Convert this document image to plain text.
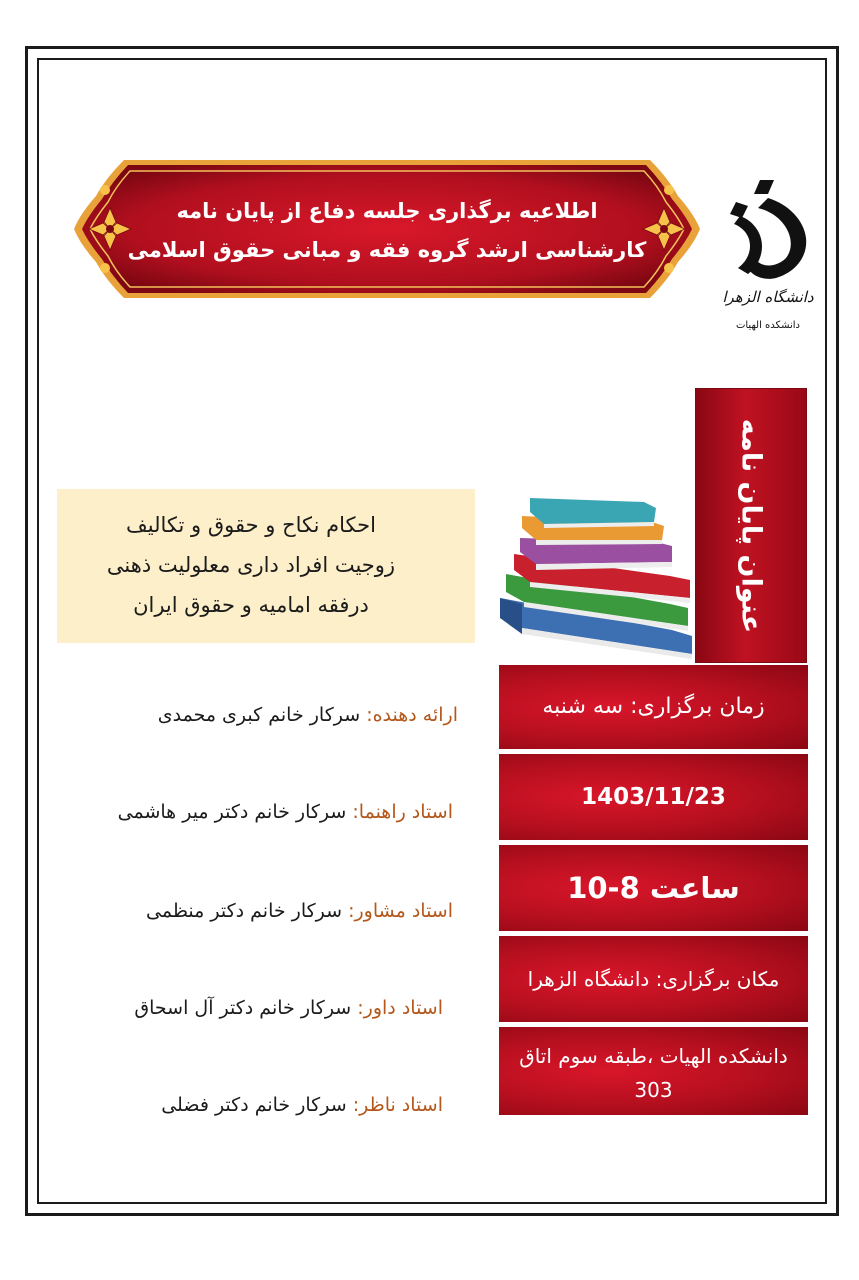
اطلاعیه برگذاری جلسه دفاع از پایان نامه
کارشناسی ارشد گروه فقه و مبانی حقوق اسلامی
دانشگاه الزهرا
دانشکده الهیات
عنوان پایان نامه
احکام نکاح و حقوق و تکالیف
زوجیت افراد داری معلولیت ذهنی
درفقه امامیه و حقوق ایران
زمان برگزاری: سه شنبه
1403/11/23
ساعت 8-10
مکان برگزاری: دانشگاه الزهرا
دانشکده الهیات ،طبقه سوم اتاق
303
ارائه دهنده: سرکار خانم کبری محمدی
استاد راهنما: سرکار خانم دکتر میر هاشمی
استاد مشاور: سرکار خانم دکتر منظمی
استاد داور: سرکار خانم دکتر آل اسحاق
استاد ناظر: سرکار خانم دکتر فضلی
